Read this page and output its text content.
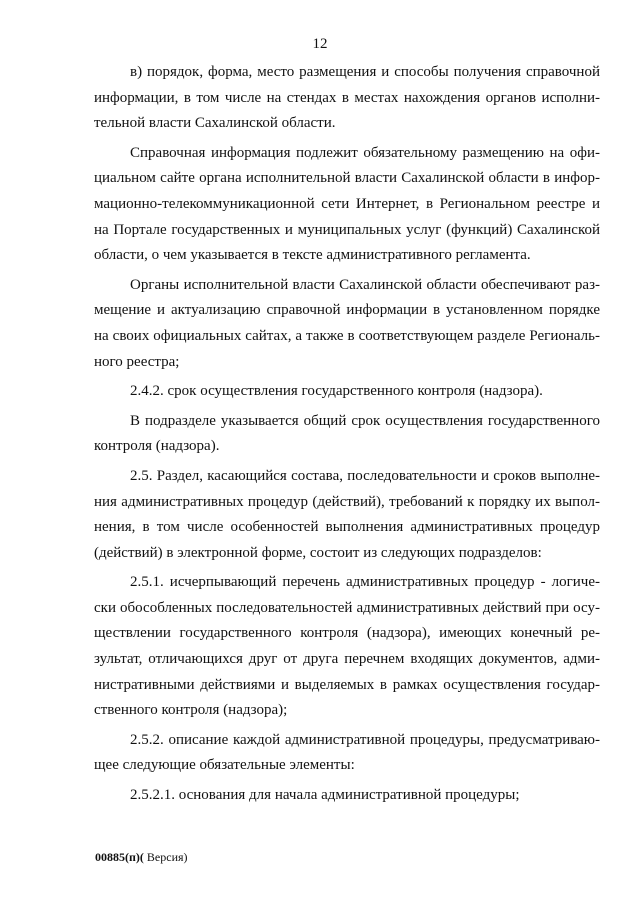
12
в) порядок, форма, место размещения и способы получения справочной
информации, в том числе на стендах в местах нахождения органов исполни-
тельной власти Сахалинской области.
Справочная информация подлежит обязательному размещению на офи-
циальном сайте органа исполнительной власти Сахалинской области в инфор-
мационно-телекоммуникационной сети Интернет, в Региональном реестре и
на Портале государственных и муниципальных услуг (функций) Сахалинской
области, о чем указывается в тексте административного регламента.
Органы исполнительной власти Сахалинской области обеспечивают раз-
мещение и актуализацию справочной информации в установленном порядке
на своих официальных сайтах, а также в соответствующем разделе Региональ-
ного реестра;
2.4.2. срок осуществления государственного контроля (надзора).
В подразделе указывается общий срок осуществления государственного
контроля (надзора).
2.5. Раздел, касающийся состава, последовательности и сроков выполне-
ния административных процедур (действий), требований к порядку их выпол-
нения, в том числе особенностей выполнения административных процедур
(действий) в электронной форме, состоит из следующих подразделов:
2.5.1. исчерпывающий перечень административных процедур - логиче-
ски обособленных последовательностей административных действий при осу-
ществлении государственного контроля (надзора), имеющих конечный ре-
зультат, отличающихся друг от друга перечнем входящих документов, адми-
нистративными действиями и выделяемых в рамках осуществления государ-
ственного контроля (надзора);
2.5.2. описание каждой административной процедуры, предусматриваю-
щее следующие обязательные элементы:
2.5.2.1. основания для начала административной процедуры;
00885(п)( Версия)
